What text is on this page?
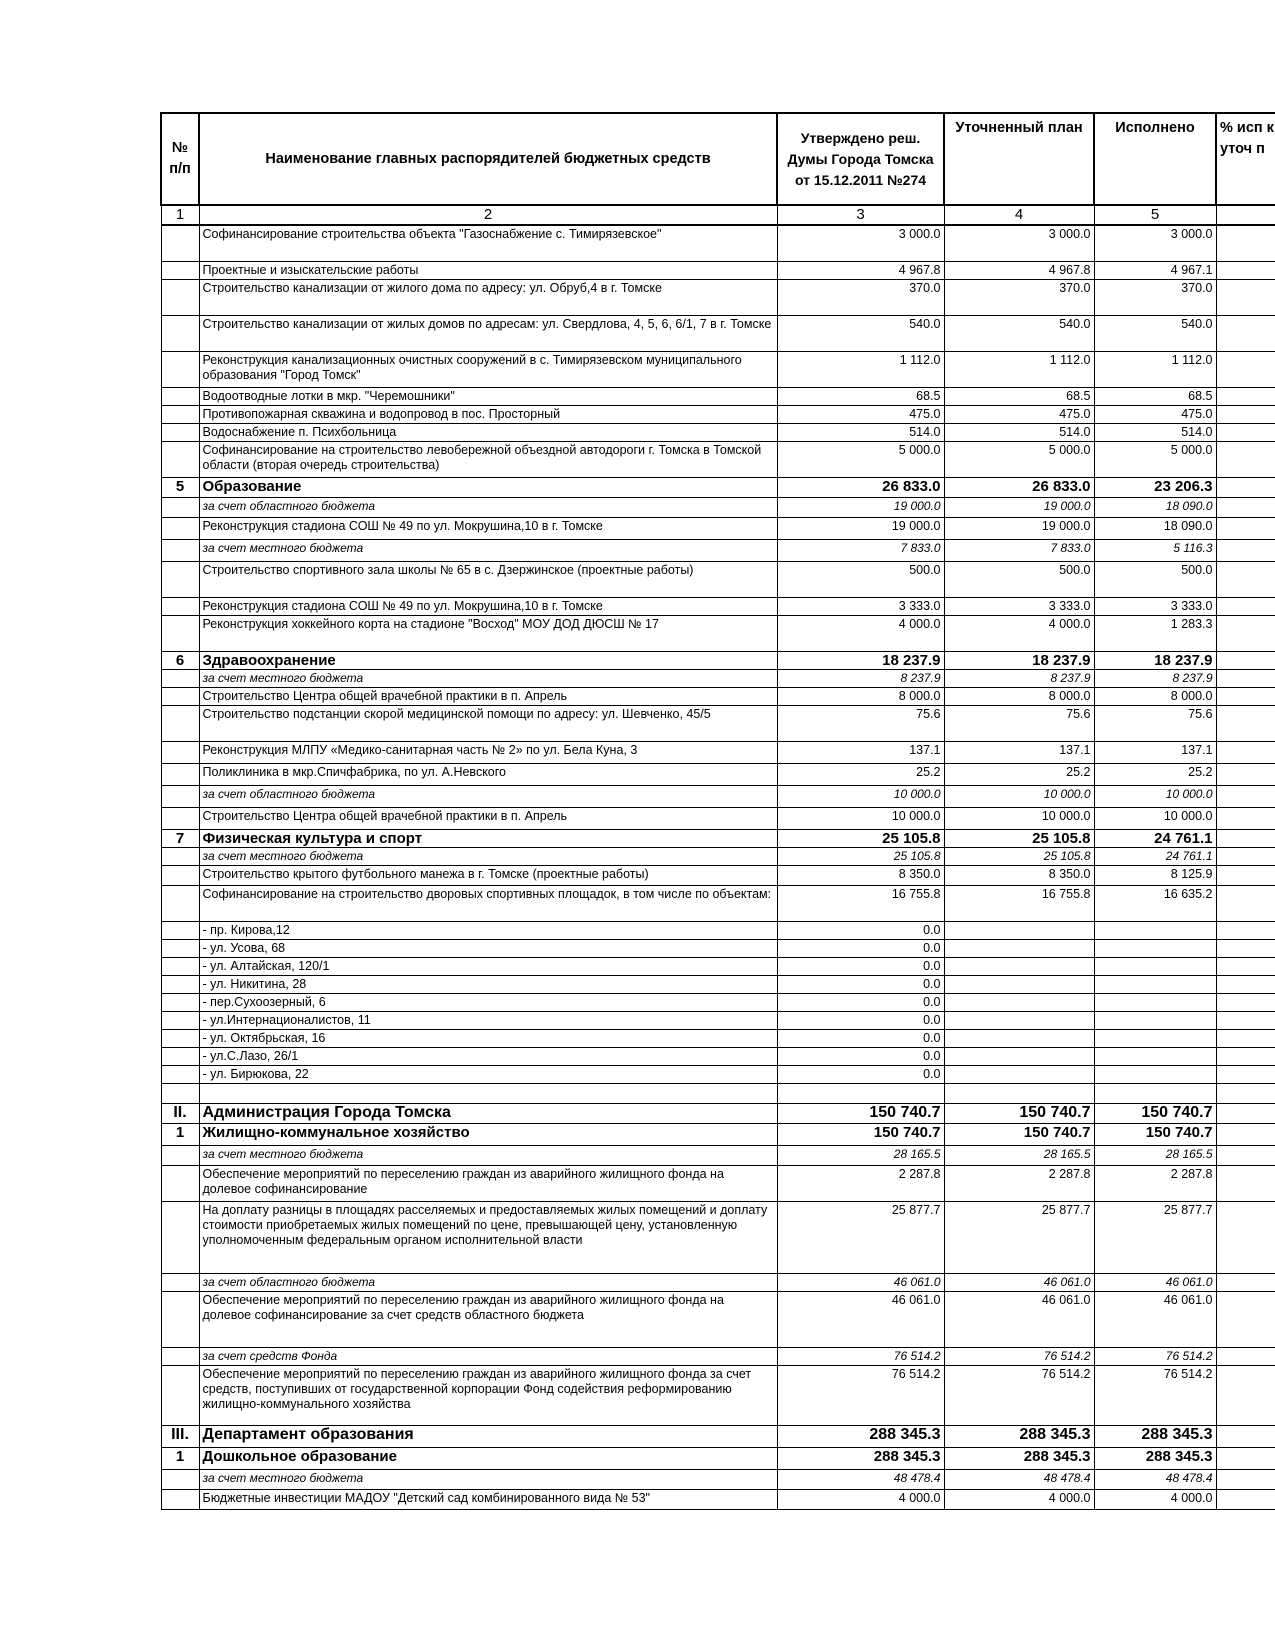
№ п/п	Наименование главных распорядителей бюджетных средств	Утверждено реш. Думы Города Томска от 15.12.2011 №274	Уточненный план	Исполнено	% исп к уточ п
1	2	3	4	5	
	Софинансирование строительства объекта "Газоснабжение с. Тимирязевское"	3 000.0	3 000.0	3 000.0	
	Проектные и изыскательские работы	4 967.8	4 967.8	4 967.1	
	Строительство канализации от жилого дома по адресу: ул. Обруб,4 в г. Томске	370.0	370.0	370.0	
	Строительство канализации от жилых домов по адресам: ул. Свердлова, 4, 5, 6, 6/1, 7 в г. Томске	540.0	540.0	540.0	
	Реконструкция канализационных очистных сооружений в с. Тимирязевском муниципального образования "Город Томск"	1 112.0	1 112.0	1 112.0	
	Водоотводные лотки в мкр. "Черемошники"	68.5	68.5	68.5	
	Противопожарная скважина и водопровод в пос. Просторный	475.0	475.0	475.0	
	Водоснабжение п. Психбольница	514.0	514.0	514.0	
	Софинансирование на строительство левобережной объездной автодороги г. Томска в Томской области (вторая очередь строительства)	5 000.0	5 000.0	5 000.0	
5	Образование	26 833.0	26 833.0	23 206.3	
	за счет областного бюджета	19 000.0	19 000.0	18 090.0	
	Реконструкция стадиона СОШ № 49 по ул. Мокрушина,10 в г. Томске	19 000.0	19 000.0	18 090.0	
	за счет местного бюджета	7 833.0	7 833.0	5 116.3	
	Строительство спортивного зала школы № 65 в с. Дзержинское (проектные работы)	500.0	500.0	500.0	
	Реконструкция стадиона СОШ № 49 по ул. Мокрушина,10 в г. Томске	3 333.0	3 333.0	3 333.0	
	Реконструкция хоккейного корта на стадионе "Восход" МОУ ДОД ДЮСШ № 17	4 000.0	4 000.0	1 283.3	
6	Здравоохранение	18 237.9	18 237.9	18 237.9	
	за счет местного бюджета	8 237.9	8 237.9	8 237.9	
	Строительство Центра общей врачебной практики в п. Апрель	8 000.0	8 000.0	8 000.0	
	Строительство подстанции скорой медицинской помощи по адресу: ул. Шевченко, 45/5	75.6	75.6	75.6	
	Реконструкция МЛПУ «Медико-санитарная часть № 2» по ул. Бела Куна, 3	137.1	137.1	137.1	
	Поликлиника в мкр.Спичфабрика, по ул. А.Невского	25.2	25.2	25.2	
	за счет областного бюджета	10 000.0	10 000.0	10 000.0	
	Строительство Центра общей врачебной практики в п. Апрель	10 000.0	10 000.0	10 000.0	
7	Физическая культура и спорт	25 105.8	25 105.8	24 761.1	
	за счет местного бюджета	25 105.8	25 105.8	24 761.1	
	Строительство крытого футбольного манежа в г. Томске (проектные работы)	8 350.0	8 350.0	8 125.9	
	Софинансирование на строительство дворовых спортивных площадок, в том числе по объектам:	16 755.8	16 755.8	16 635.2	
	- пр. Кирова,12	0.0			
	- ул. Усова, 68	0.0			
	- ул. Алтайская, 120/1	0.0			
	- ул. Никитина, 28	0.0			
	- пер.Сухоозерный, 6	0.0			
	- ул.Интернационалистов, 11	0.0			
	- ул. Октябрьская, 16	0.0			
	- ул.С.Лазо, 26/1	0.0			
	- ул. Бирюкова, 22	0.0			

II.	Администрация Города Томска	150 740.7	150 740.7	150 740.7	
1	Жилищно-коммунальное хозяйство	150 740.7	150 740.7	150 740.7	
	за счет местного бюджета	28 165.5	28 165.5	28 165.5	
	Обеспечение мероприятий по переселению граждан из аварийного жилищного фонда на долевое софинансирование	2 287.8	2 287.8	2 287.8	
	На доплату разницы в площадях расселяемых и предоставляемых жилых помещений и доплату стоимости приобретаемых жилых помещений по цене, превышающей цену, установленную уполномоченным федеральным органом исполнительной власти	25 877.7	25 877.7	25 877.7	
	за счет областного бюджета	46 061.0	46 061.0	46 061.0	
	Обеспечение мероприятий по переселению граждан из аварийного жилищного фонда на долевое софинансирование за счет средств областного бюджета	46 061.0	46 061.0	46 061.0	
	за счет средств Фонда	76 514.2	76 514.2	76 514.2	
	Обеспечение мероприятий по переселению граждан из аварийного жилищного фонда за счет средств, поступивших от государственной корпорации Фонд содействия реформированию жилищно-коммунального хозяйства	76 514.2	76 514.2	76 514.2	
III.	Департамент образования	288 345.3	288 345.3	288 345.3	
1	Дошкольное образование	288 345.3	288 345.3	288 345.3	
	за счет местного бюджета	48 478.4	48 478.4	48 478.4	
	Бюджетные инвестиции МАДОУ "Детский сад комбинированного вида № 53"	4 000.0	4 000.0	4 000.0	
